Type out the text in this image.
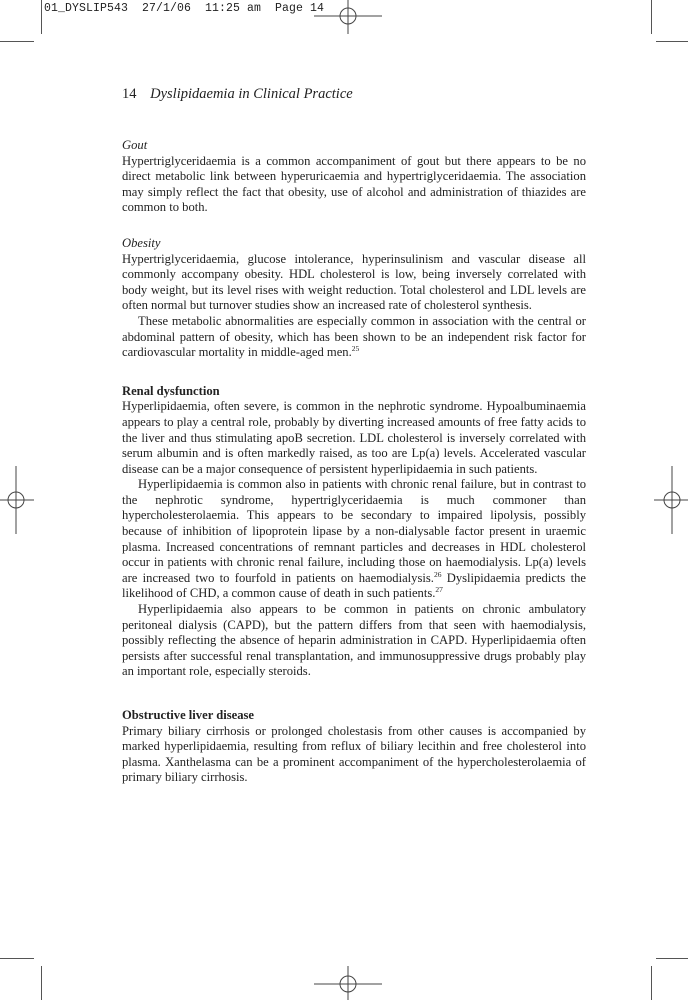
01_DYSLIP543  27/1/06  11:25 am  Page 14
14 Dyslipidaemia in Clinical Practice

Gout

Hypertriglyceridaemia is a common accompaniment of gout but there appears to be no direct metabolic link between hyperuricaemia and hypertriglyceridaemia. The association may simply reflect the fact that obesity, use of alcohol and administration of thiazides are common to both.

Obesity

Hypertriglyceridaemia, glucose intolerance, hyperinsulinism and vascular disease all commonly accompany obesity. HDL cholesterol is low, being inversely correlated with body weight, but its level rises with weight reduction. Total cholesterol and LDL levels are often normal but turnover studies show an increased rate of cholesterol synthesis.

These metabolic abnormalities are especially common in association with the central or abdominal pattern of obesity, which has been shown to be an independent risk factor for cardiovascular mortality in middle-aged men.$^{25}$

Renal dysfunction

Hyperlipidaemia, often severe, is common in the nephrotic syndrome. Hypoalbuminaemia appears to play a central role, probably by diverting increased amounts of free fatty acids to the liver and thus stimulating apoB secretion. LDL cholesterol is inversely correlated with serum albumin and is often markedly raised, as too are Lp(a) levels. Accelerated vascular disease can be a major consequence of persistent hyperlipidaemia in such patients.

Hyperlipidaemia is common also in patients with chronic renal failure, but in contrast to the nephrotic syndrome, hypertriglyceridaemia is much commoner than hypercholesterolaemia. This appears to be secondary to impaired lipolysis, possibly because of inhibition of lipoprotein lipase by a non-dialysable factor present in uraemic plasma. Increased concentrations of remnant particles and decreases in HDL cholesterol occur in patients with chronic renal failure, including those on haemodialysis. Lp(a) levels are increased two to fourfold in patients on haemodialysis.$^{26}$ Dyslipidaemia predicts the likelihood of CHD, a common cause of death in such patients.$^{27}$

Hyperlipidaemia also appears to be common in patients on chronic ambulatory peritoneal dialysis (CAPD), but the pattern differs from that seen with haemodialysis, possibly reflecting the absence of heparin administration in CAPD. Hyperlipidaemia often persists after successful renal transplantation, and immunosuppressive drugs probably play an important role, especially steroids.

Obstructive liver disease

Primary biliary cirrhosis or prolonged cholestasis from other causes is accompanied by marked hyperlipidaemia, resulting from reflux of biliary lecithin and free cholesterol into plasma. Xanthelasma can be a prominent accompaniment of the hypercholesterolaemia of primary biliary cirrhosis.
